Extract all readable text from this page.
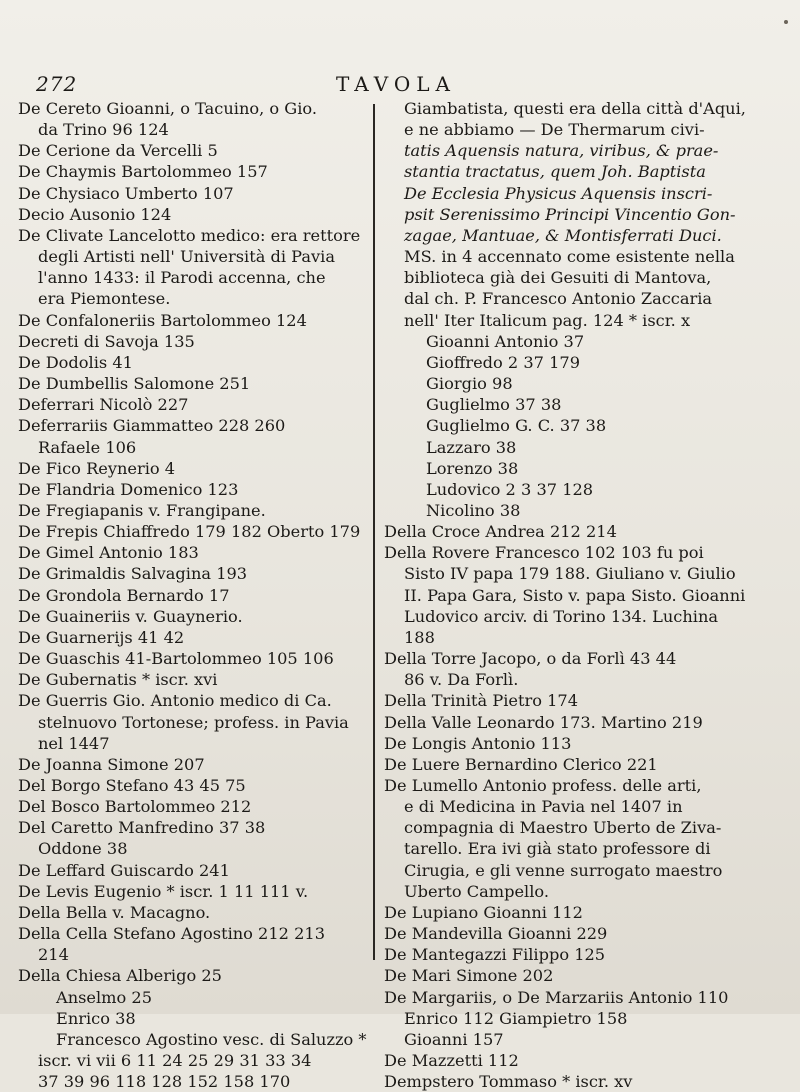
272	TAVOLA
De Cereto Gioanni, o Tacuino, o Gio.
da Trino 96 124
De Cerione da Vercelli 5
De Chaymis Bartolommeo 157
De Chysiaco Umberto 107
Decio Ausonio 124
De Clivate Lancelotto medico: era rettore
degli Artisti nell' Università di Pavia
l'anno 1433: il Parodi accenna, che
era Piemontese.
De Confaloneriis Bartolommeo 124
Decreti di Savoja 135
De Dodolis 41
De Dumbellis Salomone 251
Deferrari Nicolò 227
Deferrariis Giammatteo 228 260
Rafaele 106
De Fico Reynerio 4
De Flandria Domenico 123
De Fregiapanis v. Frangipane.
De Frepis Chiaffredo 179 182 Oberto 179
De Gimel Antonio 183
De Grimaldis Salvagina 193
De Grondola Bernardo 17
De Guaineriis v. Guaynerio.
De Guarnerijs 41 42
De Guaschis 41-Bartolommeo 105 106
De Gubernatis * iscr. xvi
De Guerris Gio. Antonio medico di Ca.
stelnuovo Tortonese; profess. in Pavia
nel 1447
De Joanna Simone 207
Del Borgo Stefano 43 45 75
Del Bosco Bartolommeo 212
Del Caretto Manfredino 37 38
Oddone 38
De Leffard Guiscardo 241
De Levis Eugenio * iscr. 1 11 111 v.
Della Bella v. Macagno.
Della Cella Stefano Agostino 212 213
214
Della Chiesa Alberigo 25
Anselmo 25
Enrico 38
Francesco Agostino vesc. di Saluzzo *
iscr. vi vii 6 11 24 25 29 31 33 34
37 39 96 118 128 152 158 170
Giambatista, questi era della città d'Aqui,
e ne abbiamo — De Thermarum civi-
tatis Aquensis natura, viribus, & prae-
stantia tractatus, quem Joh. Baptista
De Ecclesia Physicus Aquensis inscri-
psit Serenissimo Principi Vincentio Gon-
zagae, Mantuae, & Montisferrati Duci.
MS. in 4 accennato come esistente nella
biblioteca già dei Gesuiti di Mantova,
dal ch. P. Francesco Antonio Zaccaria
nell' Iter Italicum pag. 124 * iscr. x
Gioanni Antonio 37
Gioffredo 2 37 179
Giorgio 98
Guglielmo 37 38
Guglielmo G. C. 37 38
Lazzaro 38
Lorenzo 38
Ludovico 2 3 37 128
Nicolino 38
Della Croce Andrea 212 214
Della Rovere Francesco 102 103 fu poi
Sisto IV papa 179 188. Giuliano v. Giulio
II. Papa Gara, Sisto v. papa Sisto. Gioanni
Ludovico arciv. di Torino 134. Luchina
188
Della Torre Jacopo, o da Forlì 43 44
86 v. Da Forlì.
Della Trinità Pietro 174
Della Valle Leonardo 173. Martino 219
De Longis Antonio 113
De Luere Bernardino Clerico 221
De Lumello Antonio profess. delle arti,
e di Medicina in Pavia nel 1407 in
compagnia di Maestro Uberto de Ziva-
tarello. Era ivi già stato professore di
Cirugia, e gli venne surrogato maestro
Uberto Campello.
De Lupiano Gioanni 112
De Mandevilla Gioanni 229
De Mantegazzi Filippo 125
De Mari Simone 202
De Margariis, o De Marzariis Antonio 110
Enrico 112 Giampietro 158
Gioanni 157
De Mazzetti 112
Dempstero Tommaso * iscr. xv
